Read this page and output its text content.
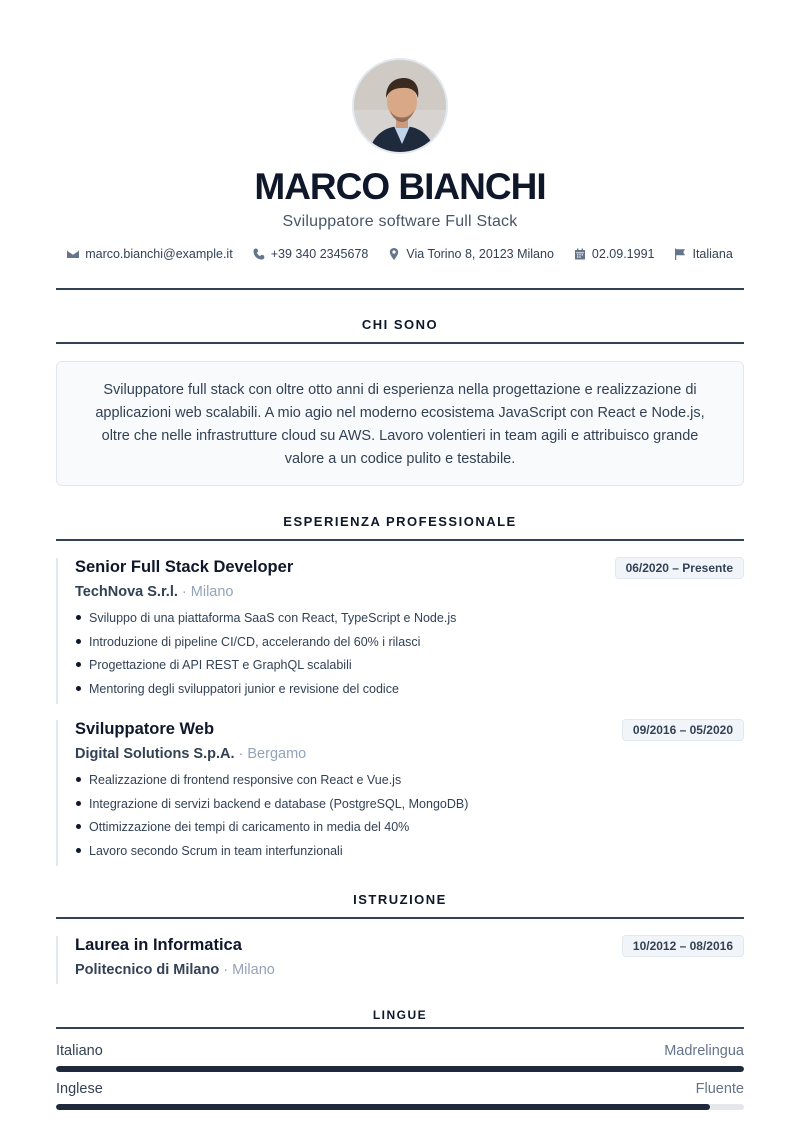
MARCO BIANCHI
Sviluppatore software Full Stack
marco.bianchi@example.it	+39 340 2345678	Via Torino 8, 20123 Milano	02.09.1991	Italiana
CHI SONO
Sviluppatore full stack con oltre otto anni di esperienza nella progettazione e realizzazione di applicazioni web scalabili. A mio agio nel moderno ecosistema JavaScript con React e Node.js, oltre che nelle infrastrutture cloud su AWS. Lavoro volentieri in team agili e attribuisco grande valore a un codice pulito e testabile.
ESPERIENZA PROFESSIONALE
Senior Full Stack Developer	06/2020 – Presente
TechNova S.r.l. · Milano
Sviluppo di una piattaforma SaaS con React, TypeScript e Node.js
Introduzione di pipeline CI/CD, accelerando del 60% i rilasci
Progettazione di API REST e GraphQL scalabili
Mentoring degli sviluppatori junior e revisione del codice
Sviluppatore Web	09/2016 – 05/2020
Digital Solutions S.p.A. · Bergamo
Realizzazione di frontend responsive con React e Vue.js
Integrazione di servizi backend e database (PostgreSQL, MongoDB)
Ottimizzazione dei tempi di caricamento in media del 40%
Lavoro secondo Scrum in team interfunzionali
ISTRUZIONE
Laurea in Informatica	10/2012 – 08/2016
Politecnico di Milano · Milano
LINGUE
Italiano	Madrelingua
Inglese	Fluente
